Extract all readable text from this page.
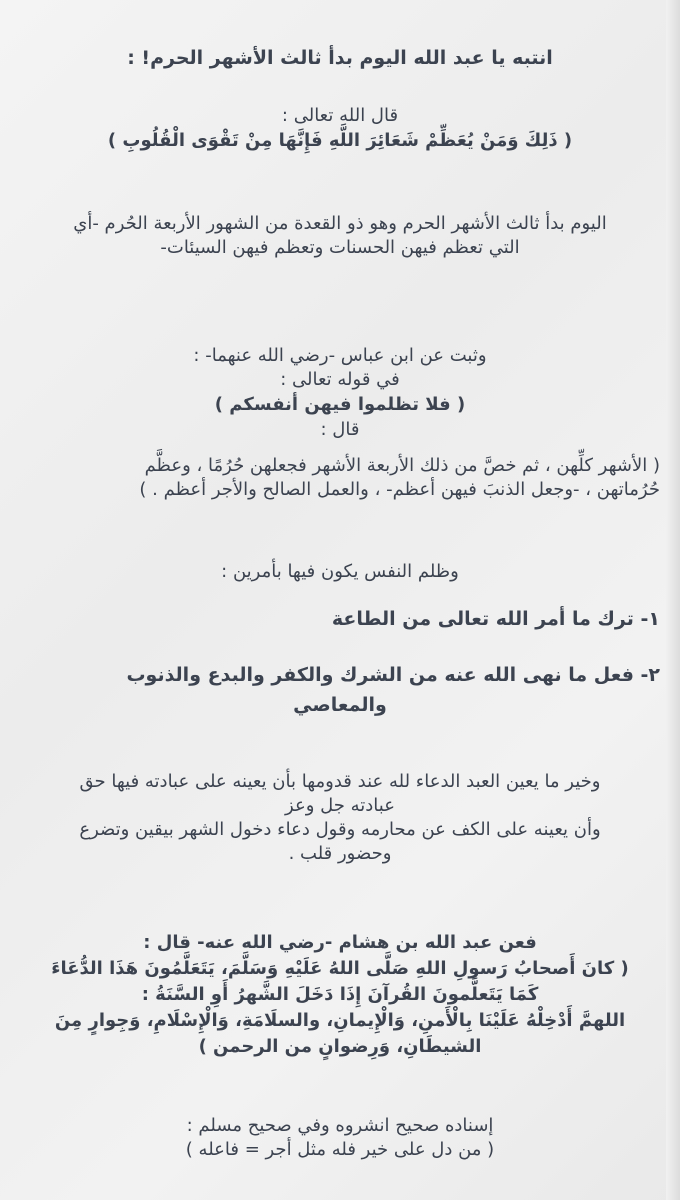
انتبه يا عبد الله اليوم بدأ ثالث الأشهر الحرم! :
قال الله تعالى :
( ذَلِكَ وَمَنْ يُعَظِّمْ شَعَائِرَ اللَّهِ فَإِنَّهَا مِنْ تَقْوَى الْقُلُوبِ )
اليوم بدأ ثالث الأشهر الحرم وهو ذو القعدة من الشهور الأربعة الحُرم -أي
التي تعظم فيهن الحسنات وتعظم فيهن السيئات-
وثبت عن ابن عباس -رضي الله عنهما- :
في قوله تعالى :
( فلا تظلموا فيهن أنفسكم )
قال :
( الأشهر كلِّهن ، ثم خصَّ من ذلك الأربعة الأشهر فجعلهن حُرُمًا ، وعظَّم
حُرُماتهن ، -وجعل الذنبَ فيهن أعظم- ، والعمل الصالح والأجر أعظم . )
وظلم النفس يكون فيها بأمرين :
١- ترك ما أمر الله تعالى من الطاعة
٢- فعل ما نهى الله عنه من الشرك والكفر والبدع والذنوب
والمعاصي
وخير ما يعين العبد الدعاء لله عند قدومها بأن يعينه على عبادته فيها حق
عبادته جل وعز
وأن يعينه على الكف عن محارمه وقول دعاء دخول الشهر بيقين وتضرع
وحضور قلب .
فعن عبد الله بن هشام -رضي الله عنه- قال :
( كانَ أَصحابُ رَسولِ اللهِ صَلَّى اللهُ عَلَيْهِ وَسَلَّمَ، يَتَعَلَّمُونَ هَذَا الدُّعَاءَ
كَمَا يَتَعلَّمونَ القُرآنَ إِذَا دَخَلَ الشَّهرُ أَوِ السَّنَةُ :
اللهمَّ أَدْخِلْهُ عَلَيْنَا بِالْأَمنِ، وَالْإِيمانِ، والسلَامَةِ، وَالْإِسْلَامِ، وَجِوارٍ مِنَ
الشيطَانِ، وَرِضوانٍ من الرحمن )
إسناده صحيح انشروه وفي صحيح مسلم :
( من دل على خير فله مثل أجر = فاعله )
